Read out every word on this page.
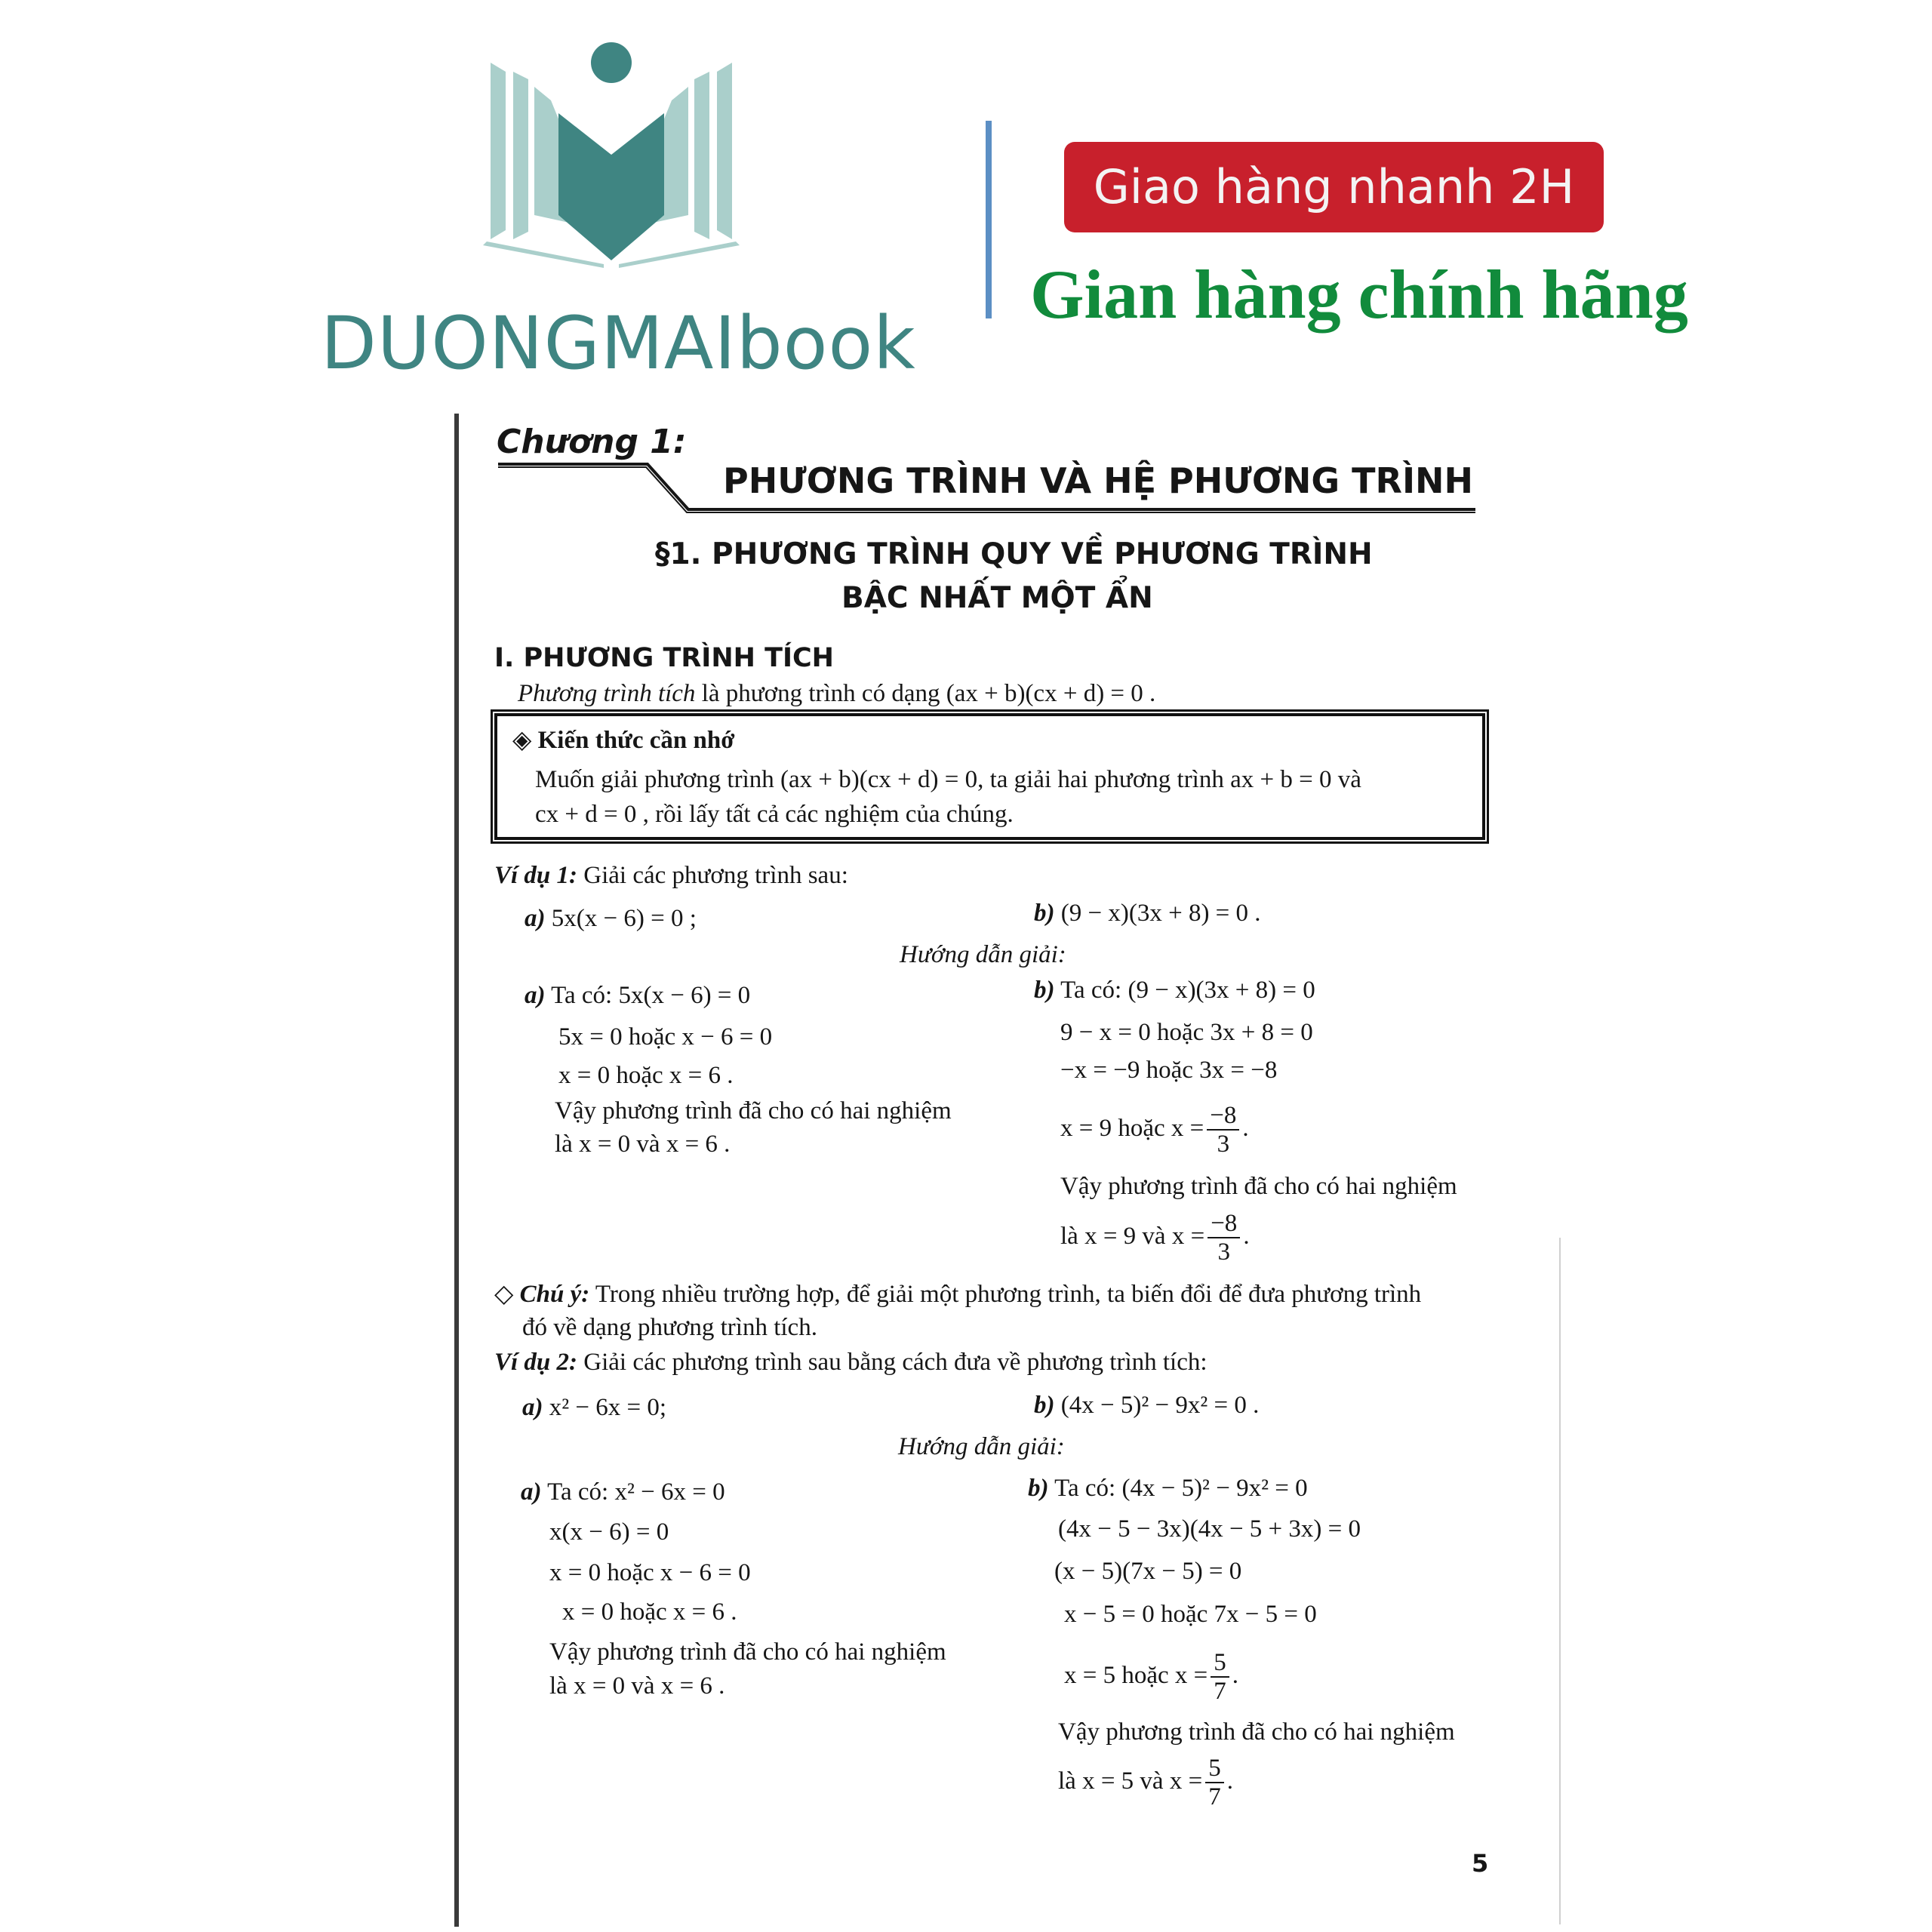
DUONGMAIbook
Giao hàng nhanh 2H
Gian hàng chính hãng
Chương 1:
PHƯƠNG TRÌNH VÀ HỆ PHƯƠNG TRÌNH
§1. PHƯƠNG TRÌNH QUY VỀ PHƯƠNG TRÌNH
BẬC NHẤT MỘT ẨN
I. PHƯƠNG TRÌNH TÍCH
Phương trình tích là phương trình có dạng (ax + b)(cx + d) = 0 .
◈ Kiến thức cần nhớ
Muốn giải phương trình (ax + b)(cx + d) = 0, ta giải hai phương trình ax + b = 0 và
cx + d = 0 , rồi lấy tất cả các nghiệm của chúng.
Ví dụ 1: Giải các phương trình sau:
a) 5x(x − 6) = 0 ;	b) (9 − x)(3x + 8) = 0 .
Hướng dẫn giải:
a) Ta có: 5x(x − 6) = 0
5x = 0 hoặc x − 6 = 0
x = 0 hoặc x = 6 .
Vậy phương trình đã cho có hai nghiệm
là x = 0 và x = 6 .
b) Ta có: (9 − x)(3x + 8) = 0
9 − x = 0 hoặc 3x + 8 = 0
−x = −9 hoặc 3x = −8
x = 9 hoặc $x = \frac{-8}{3}$ .
Vậy phương trình đã cho có hai nghiệm
là x = 9 và $x = \frac{-8}{3}$ .
◇ Chú ý: Trong nhiều trường hợp, để giải một phương trình, ta biến đổi để đưa phương trình
đó về dạng phương trình tích.
Ví dụ 2: Giải các phương trình sau bằng cách đưa về phương trình tích:
a) x² − 6x = 0;	b) (4x − 5)² − 9x² = 0 .
Hướng dẫn giải:
a) Ta có: x² − 6x = 0
x(x − 6) = 0
x = 0 hoặc x − 6 = 0
x = 0 hoặc x = 6 .
Vậy phương trình đã cho có hai nghiệm
là x = 0 và x = 6 .
b) Ta có: (4x − 5)² − 9x² = 0
(4x − 5 − 3x)(4x − 5 + 3x) = 0
(x − 5)(7x − 5) = 0
x − 5 = 0 hoặc 7x − 5 = 0
x = 5 hoặc $x = \frac{5}{7}$ .
Vậy phương trình đã cho có hai nghiệm
là x = 5 và $x = \frac{5}{7}$ .
5
